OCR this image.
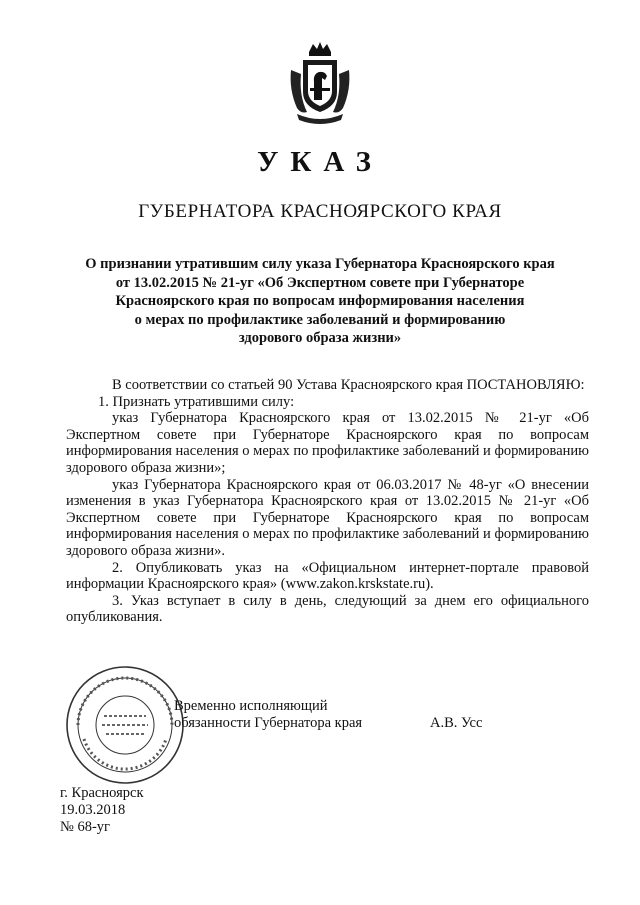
УКАЗ
ГУБЕРНАТОРА КРАСНОЯРСКОГО КРАЯ
О признании утратившим силу указа Губернатора Красноярского края
от 13.02.2015 № 21-уг «Об Экспертном совете при Губернаторе
Красноярского края по вопросам информирования населения
о мерах по профилактике заболеваний и формированию
здорового образа жизни»

В соответствии со статьей 90 Устава Красноярского края ПОСТАНОВЛЯЮ:

1. Признать утратившими силу:

указ Губернатора Красноярского края от 13.02.2015 № 21-уг «Об Экспертном совете при Губернаторе Красноярского края по вопросам информирования населения о мерах по профилактике заболеваний и формированию здорового образа жизни»;

указ Губернатора Красноярского края от 06.03.2017 № 48-уг «О внесении изменения в указ Губернатора Красноярского края от 13.02.2015 № 21-уг «Об Экспертном совете при Губернаторе Красноярского края по вопросам информирования населения о мерах по профилактике заболеваний и формированию здорового образа жизни».

2. Опубликовать указ на «Официальном интернет-портале правовой информации Красноярского края» (www.zakon.krskstate.ru).

3. Указ вступает в силу в день, следующий за днем его официального опубликования.

Временно исполняющий
обязанности Губернатора края	А.В. Усс
г. Красноярск
19.03.2018
№ 68-уг
